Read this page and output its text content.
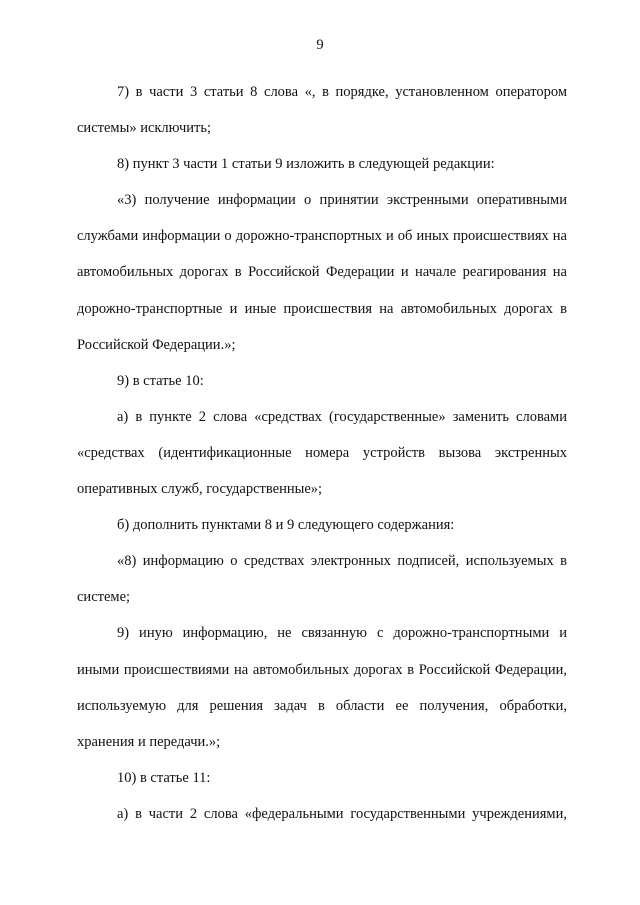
9

7) в части 3 статьи 8 слова «, в порядке, установленном оператором системы» исключить;

8) пункт 3 части 1 статьи 9 изложить в следующей редакции:

«3) получение информации о принятии экстренными оперативными службами информации о дорожно-транспортных и об иных происшествиях на автомобильных дорогах в Российской Федерации и начале реагирования на дорожно-транспортные и иные происшествия на автомобильных дорогах в Российской Федерации.»;

9) в статье 10:

а) в пункте 2 слова «средствах (государственные» заменить словами «средствах (идентификационные номера устройств вызова экстренных оперативных служб, государственные»;

б) дополнить пунктами 8 и 9 следующего содержания:

«8) информацию о средствах электронных подписей, используемых в системе;

9) иную информацию, не связанную с дорожно-транспортными и иными происшествиями на автомобильных дорогах в Российской Федерации, используемую для решения задач в области ее получения, обработки, хранения и передачи.»;

10) в статье 11:

а) в части 2 слова «федеральными государственными учреждениями,
